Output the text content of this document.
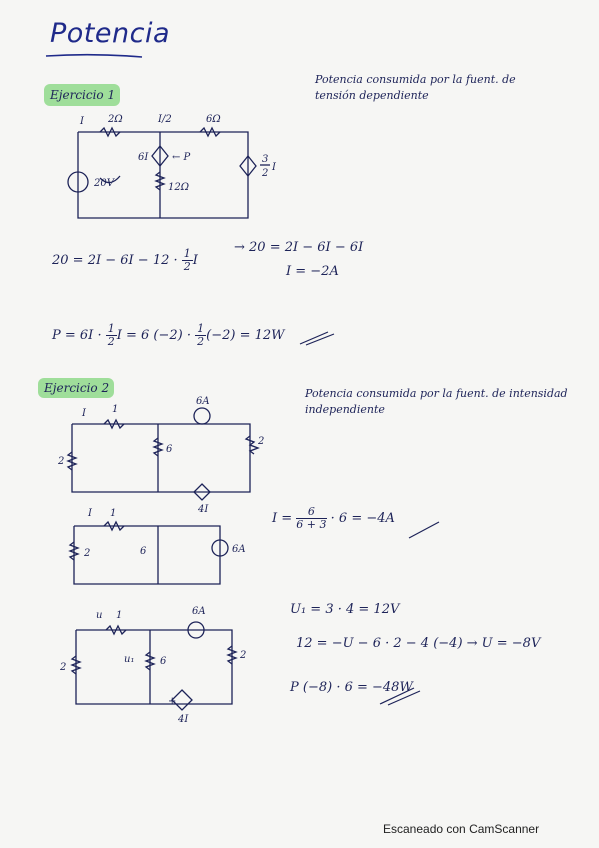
Potencia
Ejercicio 1
Potencia consumida por la fuent. de
tensión dependiente
I 2Ω	I/2	6Ω
6I ← P
20V	12Ω
3
2
I
$20 = 2I - 6I - 12 \cdot \frac{1}{2}$ I
→ 20 = 2I − 6I − 6I
I = −2A
$P = 6I \cdot \frac{1}{2}$ I = 6 $(-2) \cdot \frac{1}{2} (-2) = 12W$
Ejercicio 2	Potencia consumida por la fuent. de intensidad
independiente
I	1
6A
6
2
2
4I
I 1
2	6	6A
u 1	6A
2
u₁	6
2
+
4I
$I = \frac{6}{6 + 3} \cdot 6 = -4A$
U₁ = 3 · 4 = 12V
12 = −U − 6 · 2 − 4 (−4) → U = −8V
P (−8) · 6 = −48W
Escaneado con CamScanner
